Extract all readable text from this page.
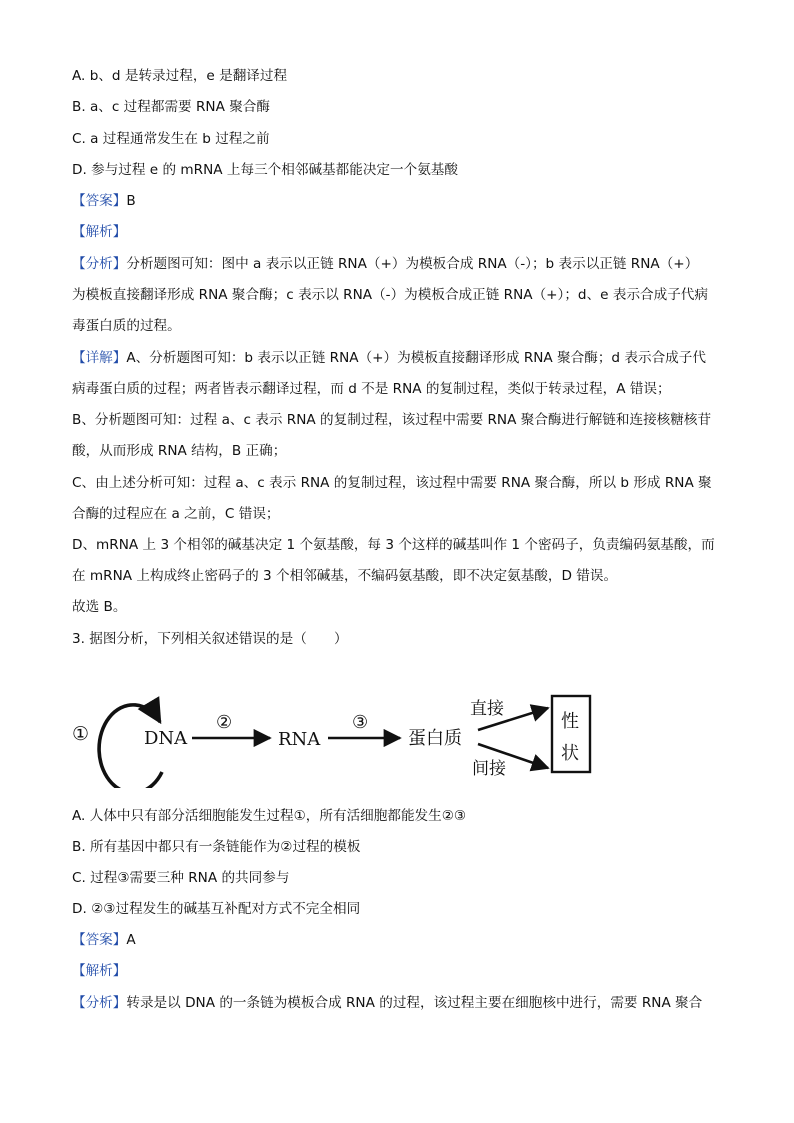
A. b、d 是转录过程，e 是翻译过程
B. a、c 过程都需要 RNA 聚合酶
C. a 过程通常发生在 b 过程之前
D. 参与过程 e 的 mRNA 上每三个相邻碱基都能决定一个氨基酸
【答案】B
【解析】
【分析】分析题图可知：图中 a 表示以正链 RNA（+）为模板合成 RNA（-）；b 表示以正链 RNA（+）
为模板直接翻译形成 RNA 聚合酶；c 表示以 RNA（-）为模板合成正链 RNA（+）；d、e 表示合成子代病
毒蛋白质的过程。
【详解】A、分析题图可知：b 表示以正链 RNA（+）为模板直接翻译形成 RNA 聚合酶；d 表示合成子代
病毒蛋白质的过程；两者皆表示翻译过程，而 d 不是 RNA 的复制过程，类似于转录过程，A 错误；
B、分析题图可知：过程 a、c 表示 RNA 的复制过程，该过程中需要 RNA 聚合酶进行解链和连接核糖核苷
酸，从而形成 RNA 结构，B 正确；
C、由上述分析可知：过程 a、c 表示 RNA 的复制过程，该过程中需要 RNA 聚合酶，所以 b 形成 RNA 聚
合酶的过程应在 a 之前，C 错误；
D、mRNA 上 3 个相邻的碱基决定 1 个氨基酸，每 3 个这样的碱基叫作 1 个密码子，负责编码氨基酸，而
在 mRNA 上构成终止密码子的 3 个相邻碱基，不编码氨基酸，即不决定氨基酸，D 错误。
故选 B。
3. 据图分析，下列相关叙述错误的是（　　）
①	DNA
②
RNA
③
蛋白质
直接
间接
性
状
A. 人体中只有部分活细胞能发生过程①，所有活细胞都能发生②③
B. 所有基因中都只有一条链能作为②过程的模板
C. 过程③需要三种 RNA 的共同参与
D. ②③过程发生的碱基互补配对方式不完全相同
【答案】A
【解析】
【分析】转录是以 DNA 的一条链为模板合成 RNA 的过程，该过程主要在细胞核中进行，需要 RNA 聚合
